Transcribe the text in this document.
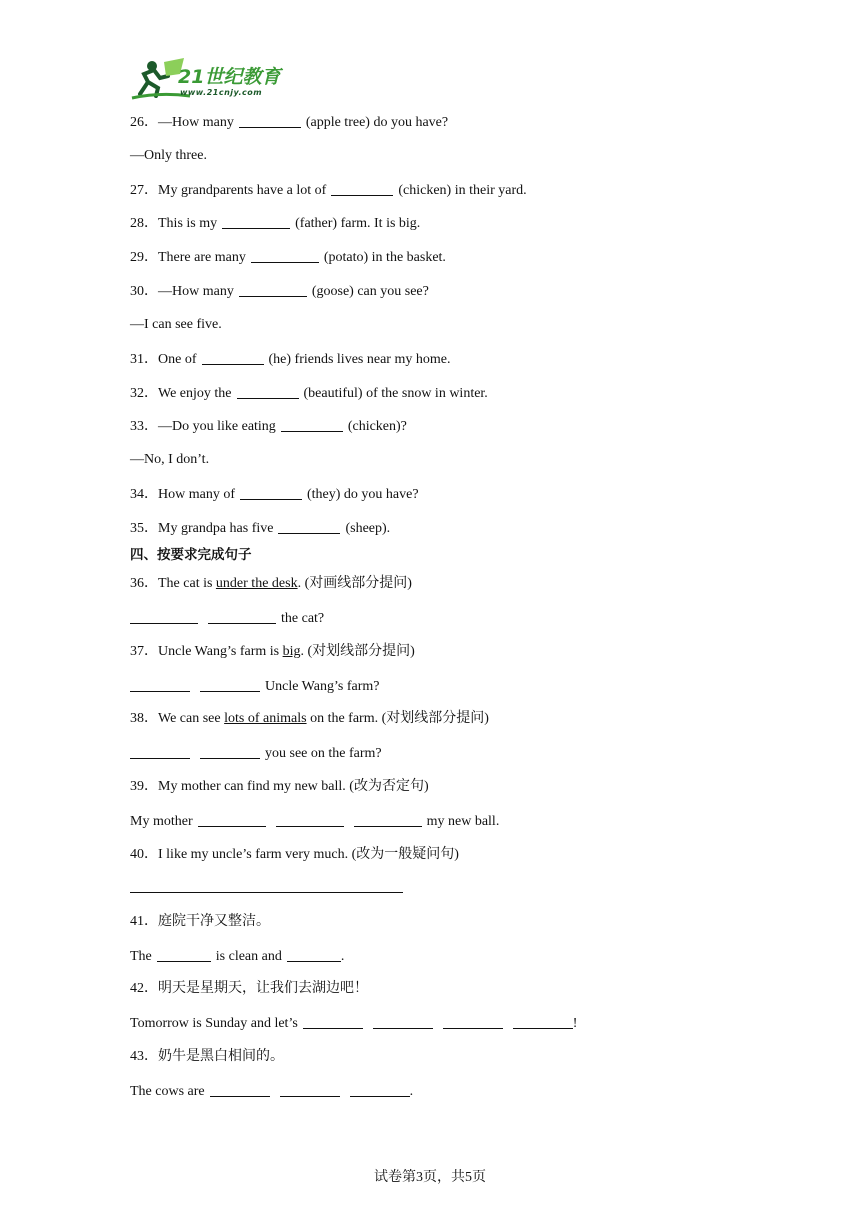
21世纪教育
www.21cnjy.com
26．—How many	(apple tree) do you have?
—Only three.
27．My grandparents have a lot of	(chicken) in their yard.
28．This is my	(father) farm. It is big.
29．There are many	(potato) in the basket.
30．—How many	(goose) can you see?
—I can see five.
31．One of	(he) friends lives near my home.
32．We enjoy the	(beautiful) of the snow in winter.
33．—Do you like eating	(chicken)?
—No, I don’t.
34．How many of	(they) do you have?
35．My grandpa has five	(sheep).
四、按要求完成句子
36．The cat is under the desk. (对画线部分提问)
the cat?
37．Uncle Wang’s farm is big. (对划线部分提问)
Uncle Wang’s farm?
38．We can see lots of animals on the farm. (对划线部分提问)
you see on the farm?
39．My mother can find my new ball. (改为否定句)
My mother	my new ball.
40．I like my uncle’s farm very much. (改为一般疑问句)
41．庭院干净又整洁。
The	is clean and	.
42．明天是星期天，让我们去湖边吧！
Tomorrow is Sunday and let’s	!
43．奶牛是黑白相间的。
The cows are	.
试卷第3页，共5页
